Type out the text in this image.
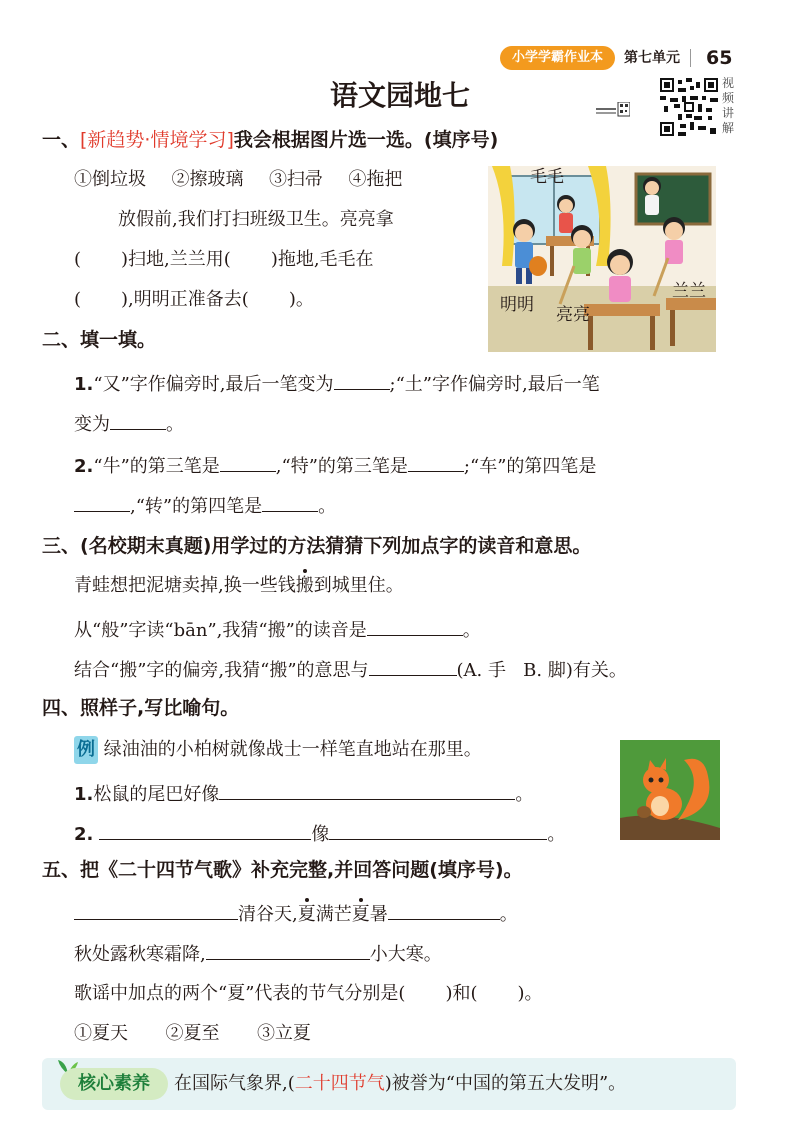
小学学霸作业本	第七单元 65
语文园地七	视频讲解
一、[新趋势·情境学习]我会根据图片选一选。(填序号)
①倒垃圾 ②擦玻璃 ③扫帚 ④拖把
放假前,我们打扫班级卫生。亮亮拿
( )扫地,兰兰用( )拖地,毛毛在
( ),明明正准备去( )。
毛毛
明明 亮亮
兰兰
二、填一填。
1.“又”字作偏旁时,最后一笔变为	;“土”字作偏旁时,最后一笔
变为	。
2.“牛”的第三笔是	,“特”的第三笔是	;“车”的第四笔是
,“转”的第四笔是	。
三、(名校期末真题)用学过的方法猜猜下列加点字的读音和意思。
青蛙想把泥塘卖掉,换一些钱搬到城里住。
从“般”字读“bān”,我猜“搬”的读音是	。
结合“搬”字的偏旁,我猜“搬”的意思与	(A. 手   B. 脚)有关。
四、照样子,写比喻句。
例 绿油油的小柏树就像战士一样笔直地站在那里。
1.松鼠的尾巴好像	。
2.	像	。
五、把《二十四节气歌》补充完整,并回答问题(填序号)。
清谷天,夏满芒夏暑	。
秋处露秋寒霜降,	小大寒。
歌谣中加点的两个“夏”代表的节气分别是( )和( )。
①夏天 ②夏至 ③立夏
核心素养	在国际气象界,(二十四节气)被誉为“中国的第五大发明”。
